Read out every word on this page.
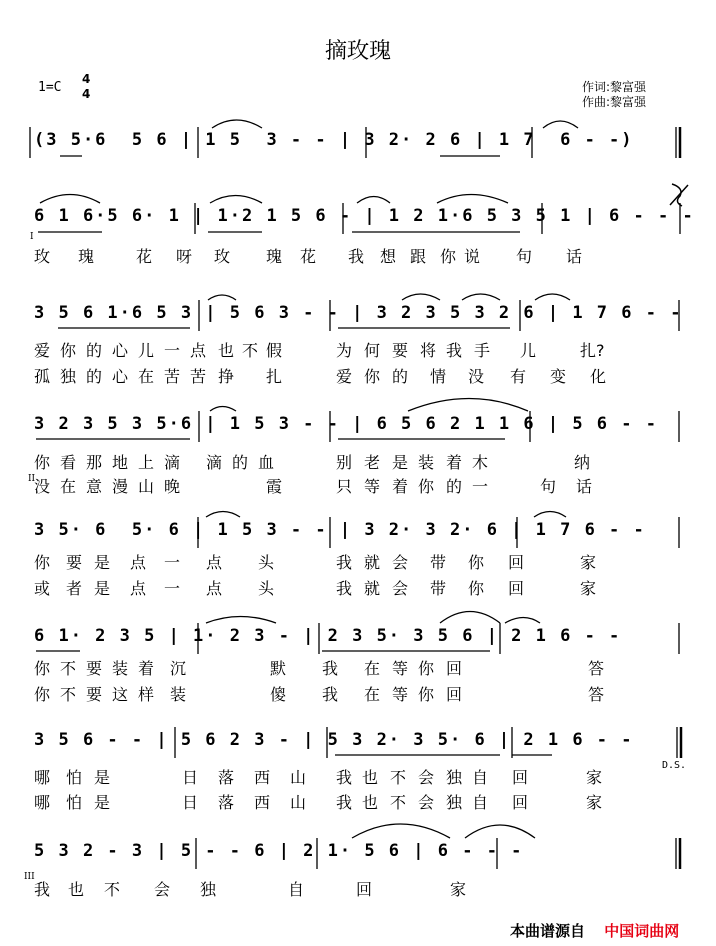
摘玫瑰
1=C
4
4	作词:黎富强
作曲:黎富强
(3 5·6  5 6 | 1 5  3 - - | 3 2· 2 6 | 1 7  6 - -)
6 1 6·5 6· 1 | 1·2 1 5 6 - | 1 2 1·6 5 3 5 1 | 6 - - -
3 5 6 1·6 5 3 | 5 6 3 - - | 3 2 3 5 3 2 6 | 1 7 6 - -
3 2 3 5 3 5·6 | 1 5 3 - - | 6 5 6 2 1 1 6 | 5 6 - -
3 5· 6  5· 6 | 1 5 3 - - | 3 2· 3 2· 6 | 1 7 6 - -
6 1· 2 3 5 | 1· 2 3 - | 2 3 5· 3 5 6 | 2 1 6 - -
3 5 6 - - | 5 6 2 3 - | 5 3 2· 3 5· 6 | 2 1 6 - -
5 3 2 - 3 | 5 - - 6 | 2 1· 5 6 | 6 - - -
I
II
III
D.S.
玫 瑰	花 呀 玫 瑰 花 我 想 跟 你 说 句 话
爱 你 的 心 儿 一 点 也 不 假	为 何 要 将 我 手 儿	扎?
孤 独 的 心 在 苦 苦 挣 扎	爱 你 的 情 没 有 变 化
你 看 那 地 上 滴 滴 的 血	别 老 是 装 着 木	纳
没 在 意 漫 山 晚	霞	只 等 着 你 的 一	句 话
你 要 是 点 一 点 头	我 就 会 带 你 回	家
或 者 是 点 一 点 头	我 就 会 带 你 回	家
你 不 要 装 着 沉	默 我 在 等 你 回	答
你 不 要 这 样 装	傻 我 在 等 你 回	答
哪 怕 是	日 落 西 山 我 也 不 会 独 自 回	家
哪 怕 是	日 落 西 山 我 也 不 会 独 自 回	家
我 也 不 会 独	自	回	家
本曲谱源自 中国词曲网
